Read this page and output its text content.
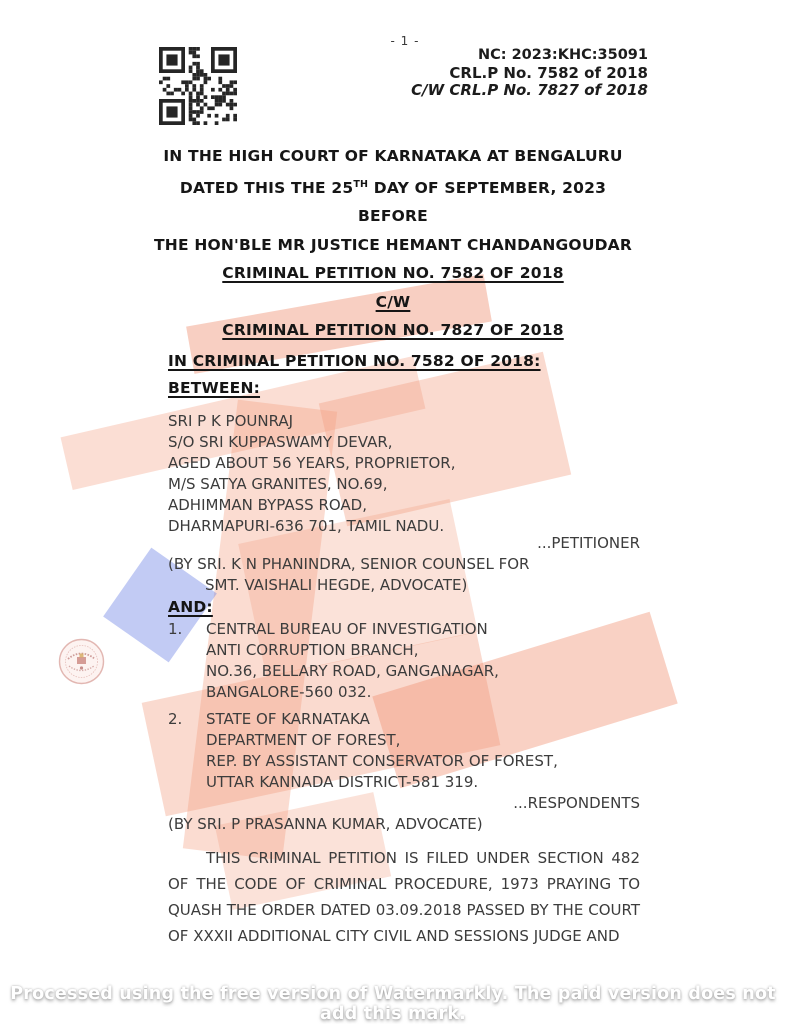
- 1 -
NC: 2023:KHC:35091
CRL.P No. 7582 of 2018
C/W CRL.P No. 7827 of 2018
IN THE HIGH COURT OF KARNATAKA AT BENGALURU
DATED THIS THE 25TH DAY OF SEPTEMBER, 2023
BEFORE
THE HON'BLE MR JUSTICE HEMANT CHANDANGOUDAR
CRIMINAL PETITION NO. 7582 OF 2018
C/W
CRIMINAL PETITION NO. 7827 OF 2018
IN CRIMINAL PETITION NO. 7582 OF 2018:
BETWEEN:
SRI P K POUNRAJ
S/O SRI KUPPASWAMY DEVAR,
AGED ABOUT 56 YEARS, PROPRIETOR,
M/S SATYA GRANITES, NO.69,
ADHIMMAN BYPASS ROAD,
DHARMAPURI-636 701, TAMIL NADU.
...PETITIONER
(BY SRI. K N PHANINDRA, SENIOR COUNSEL FOR
SMT. VAISHALI HEGDE, ADVOCATE)
AND:
1.	CENTRAL BUREAU OF INVESTIGATION
ANTI CORRUPTION BRANCH,
NO.36, BELLARY ROAD, GANGANAGAR,
BANGALORE-560 032.
2.	STATE OF KARNATAKA
DEPARTMENT OF FOREST,
REP. BY ASSISTANT CONSERVATOR OF FOREST,
UTTAR KANNADA DISTRICT-581 319.
...RESPONDENTS
(BY SRI. P PRASANNA KUMAR, ADVOCATE)
THIS CRIMINAL PETITION IS FILED UNDER SECTION 482
OF THE CODE OF CRIMINAL PROCEDURE, 1973 PRAYING TO
QUASH THE ORDER DATED 03.09.2018 PASSED BY THE COURT
OF XXXII ADDITIONAL CITY CIVIL AND SESSIONS JUDGE AND
Processed using the free version of Watermarkly. The paid version does not add this mark.
